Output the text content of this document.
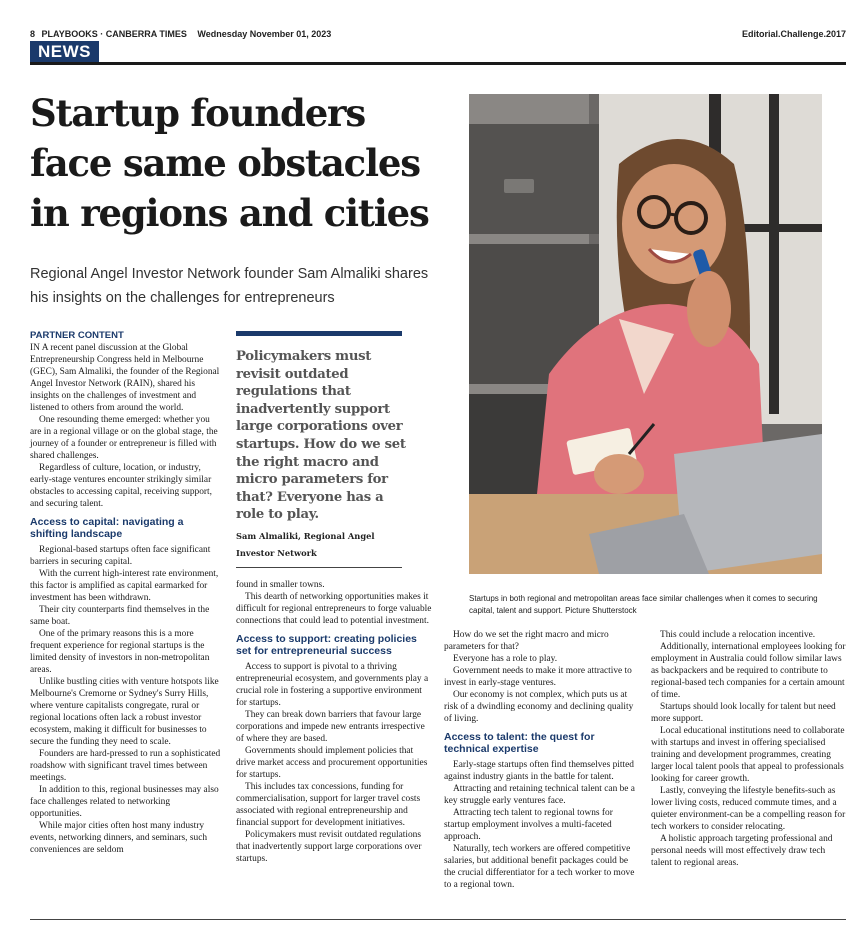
8 PLAYBOOKS · CANBERRA TIMES Wednesday November 01, 2023	Editorial.Challenge.2017
NEWS
Startup founders
face same obstacles
in regions and cities
Regional Angel Investor Network founder Sam Almaliki shares his insights on the challenges for entrepreneurs
Startups in both regional and metropolitan areas face similar challenges when it comes to securing capital, talent and support. Picture Shutterstock
PARTNER CONTENT

IN A recent panel discussion at the Global Entrepreneurship Congress held in Melbourne (GEC), Sam Almaliki, the founder of the Regional Angel Investor Network (RAIN), shared his insights on the challenges of investment and listened to others from around the world.

One resounding theme emerged: whether you are in a regional village or on the global stage, the journey of a founder or entrepreneur is filled with shared challenges.

Regardless of culture, location, or industry, early-stage ventures encounter strikingly similar obstacles to accessing capital, receiving support, and securing talent.

Access to capital: navigating a shifting landscape

Regional-based startups often face significant barriers in securing capital.

With the current high-interest rate environment, this factor is amplified as capital earmarked for investment has been withdrawn.

Their city counterparts find themselves in the same boat.

One of the primary reasons this is a more frequent experience for regional startups is the limited density of investors in non-metropolitan areas.

Unlike bustling cities with venture hotspots like Melbourne's Cremorne or Sydney's Surry Hills, where venture capitalists congregate, rural or regional locations often lack a robust investor ecosystem, making it difficult for businesses to secure the funding they need to scale.

Founders are hard-pressed to run a sophisticated roadshow with significant travel times between meetings.

In addition to this, regional businesses may also face challenges related to networking opportunities.

While major cities often host many industry events, networking dinners, and seminars, such conveniences are seldom

Policymakers must revisit outdated regulations that inadvertently support large corporations over startups. How do we set the right macro and micro parameters for that? Everyone has a role to play.
Sam Almaliki, Regional Angel Investor Network

found in smaller towns.

This dearth of networking opportunities makes it difficult for regional entrepreneurs to forge valuable connections that could lead to potential investment.

Access to support: creating policies set for entrepreneurial success

Access to support is pivotal to a thriving entrepreneurial ecosystem, and governments play a crucial role in fostering a supportive environment for startups.

They can break down barriers that favour large corporations and impede new entrants irrespective of where they are based.

Governments should implement policies that drive market access and procurement opportunities for startups.

This includes tax concessions, funding for commercialisation, support for larger travel costs associated with regional entrepreneurship and financial support for development initiatives.

Policymakers must revisit outdated regulations that inadvertently support large corporations over startups.

How do we set the right macro and micro parameters for that?

Everyone has a role to play.

Government needs to make it more attractive to invest in early-stage ventures.

Our economy is not complex, which puts us at risk of a dwindling economy and declining quality of living.

Access to talent: the quest for technical expertise

Early-stage startups often find themselves pitted against industry giants in the battle for talent.

Attracting and retaining technical talent can be a key struggle early ventures face.

Attracting tech talent to regional towns for startup employment involves a multi-faceted approach.

Naturally, tech workers are offered competitive salaries, but additional benefit packages could be the crucial differentiator for a tech worker to move to a regional town.

This could include a relocation incentive.

Additionally, international employees looking for employment in Australia could follow similar laws as backpackers and be required to contribute to regional-based tech companies for a certain amount of time.

Startups should look locally for talent but need more support.

Local educational institutions need to collaborate with startups and invest in offering specialised training and development programmes, creating larger local talent pools that appeal to professionals looking for career growth.

Lastly, conveying the lifestyle benefits-such as lower living costs, reduced commute times, and a quieter environment-can be a compelling reason for tech workers to consider relocating.

A holistic approach targeting professional and personal needs will most effectively draw tech talent to regional areas.
